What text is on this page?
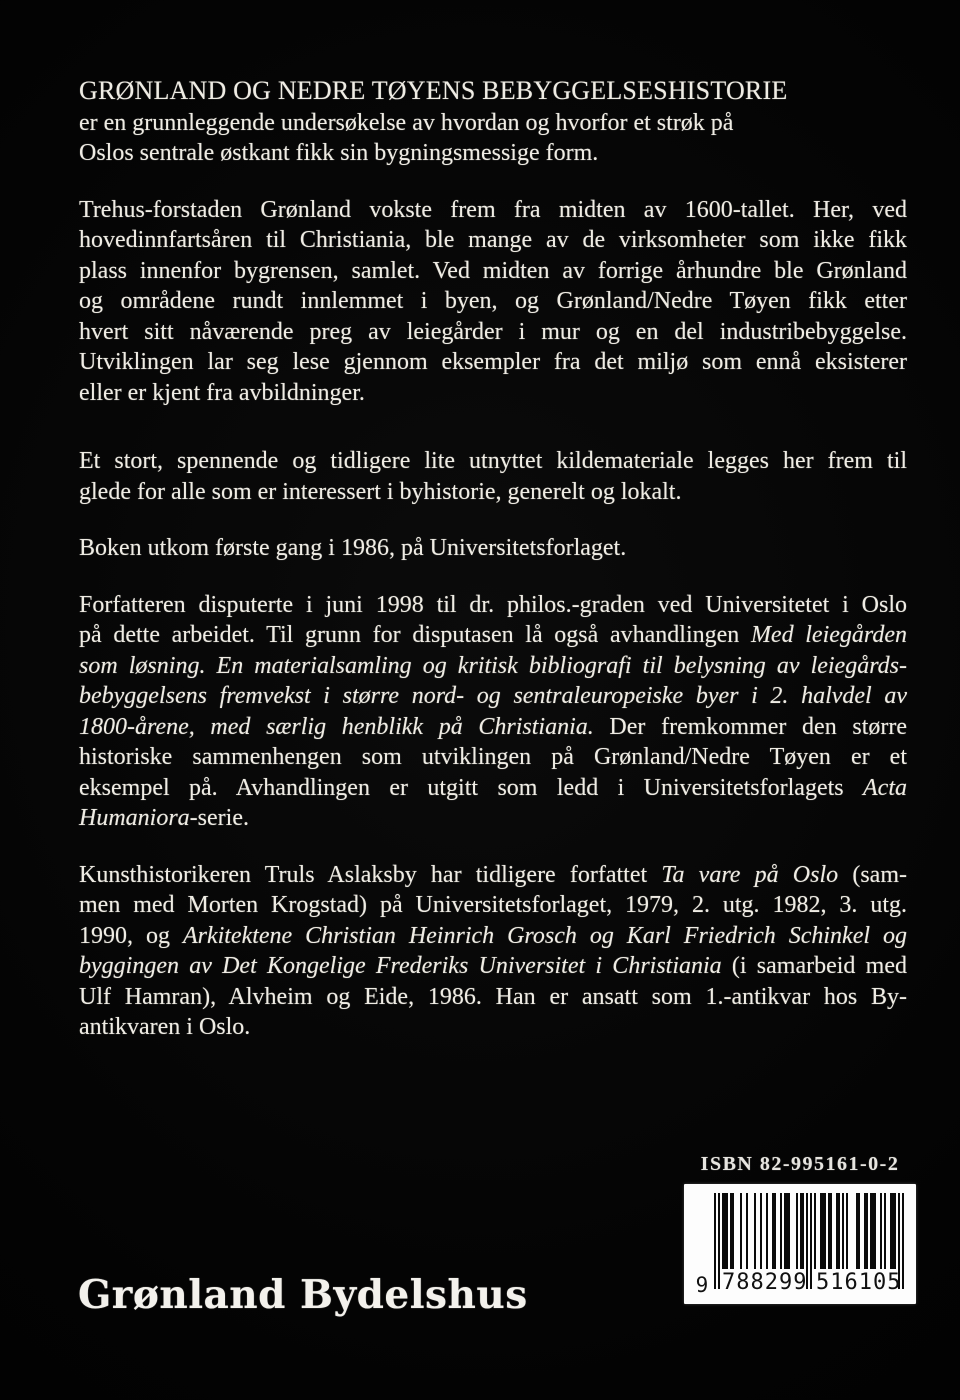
GRØNLAND OG NEDRE TØYENS BEBYGGELSESHISTORIE
er en grunnleggende undersøkelse av hvordan og hvorfor et strøk på
Oslos sentrale østkant fikk sin bygningsmessige form.
Trehus-forstaden Grønland vokste frem fra midten av 1600-tallet. Her, ved
hovedinnfartsåren til Christiania, ble mange av de virksomheter som ikke fikk
plass innenfor bygrensen, samlet. Ved midten av forrige århundre ble Grønland
og områdene rundt innlemmet i byen, og Grønland/Nedre Tøyen fikk etter
hvert sitt nåværende preg av leiegårder i mur og en del industribebyggelse.
Utviklingen lar seg lese gjennom eksempler fra det miljø som ennå eksisterer
eller er kjent fra avbildninger.
Et stort, spennende og tidligere lite utnyttet kildemateriale legges her frem til
glede for alle som er interessert i byhistorie, generelt og lokalt.
Boken utkom første gang i 1986, på Universitetsforlaget.
Forfatteren disputerte i juni 1998 til dr. philos.-graden ved Universitetet i Oslo
på dette arbeidet. Til grunn for disputasen lå også avhandlingen Med leiegården
som løsning. En materialsamling og kritisk bibliografi til belysning av leiegårds-
bebyggelsens fremvekst i større nord- og sentraleuropeiske byer i 2. halvdel av
1800-årene, med særlig henblikk på Christiania. Der fremkommer den større
historiske sammenhengen som utviklingen på Grønland/Nedre Tøyen er et
eksempel på. Avhandlingen er utgitt som ledd i Universitetsforlagets Acta
Humaniora-serie.
Kunsthistorikeren Truls Aslaksby har tidligere forfattet Ta vare på Oslo (sam-
men med Morten Krogstad) på Universitetsforlaget, 1979, 2. utg. 1982, 3. utg.
1990, og Arkitektene Christian Heinrich Grosch og Karl Friedrich Schinkel og
byggingen av Det Kongelige Frederiks Universitet i Christiania (i samarbeid med
Ulf Hamran), Alvheim og Eide, 1986. Han er ansatt som 1.-antikvar hos By-
antikvaren i Oslo.
ISBN 82-995161-0-2
9 788299 516105
Grønland Bydelshus
